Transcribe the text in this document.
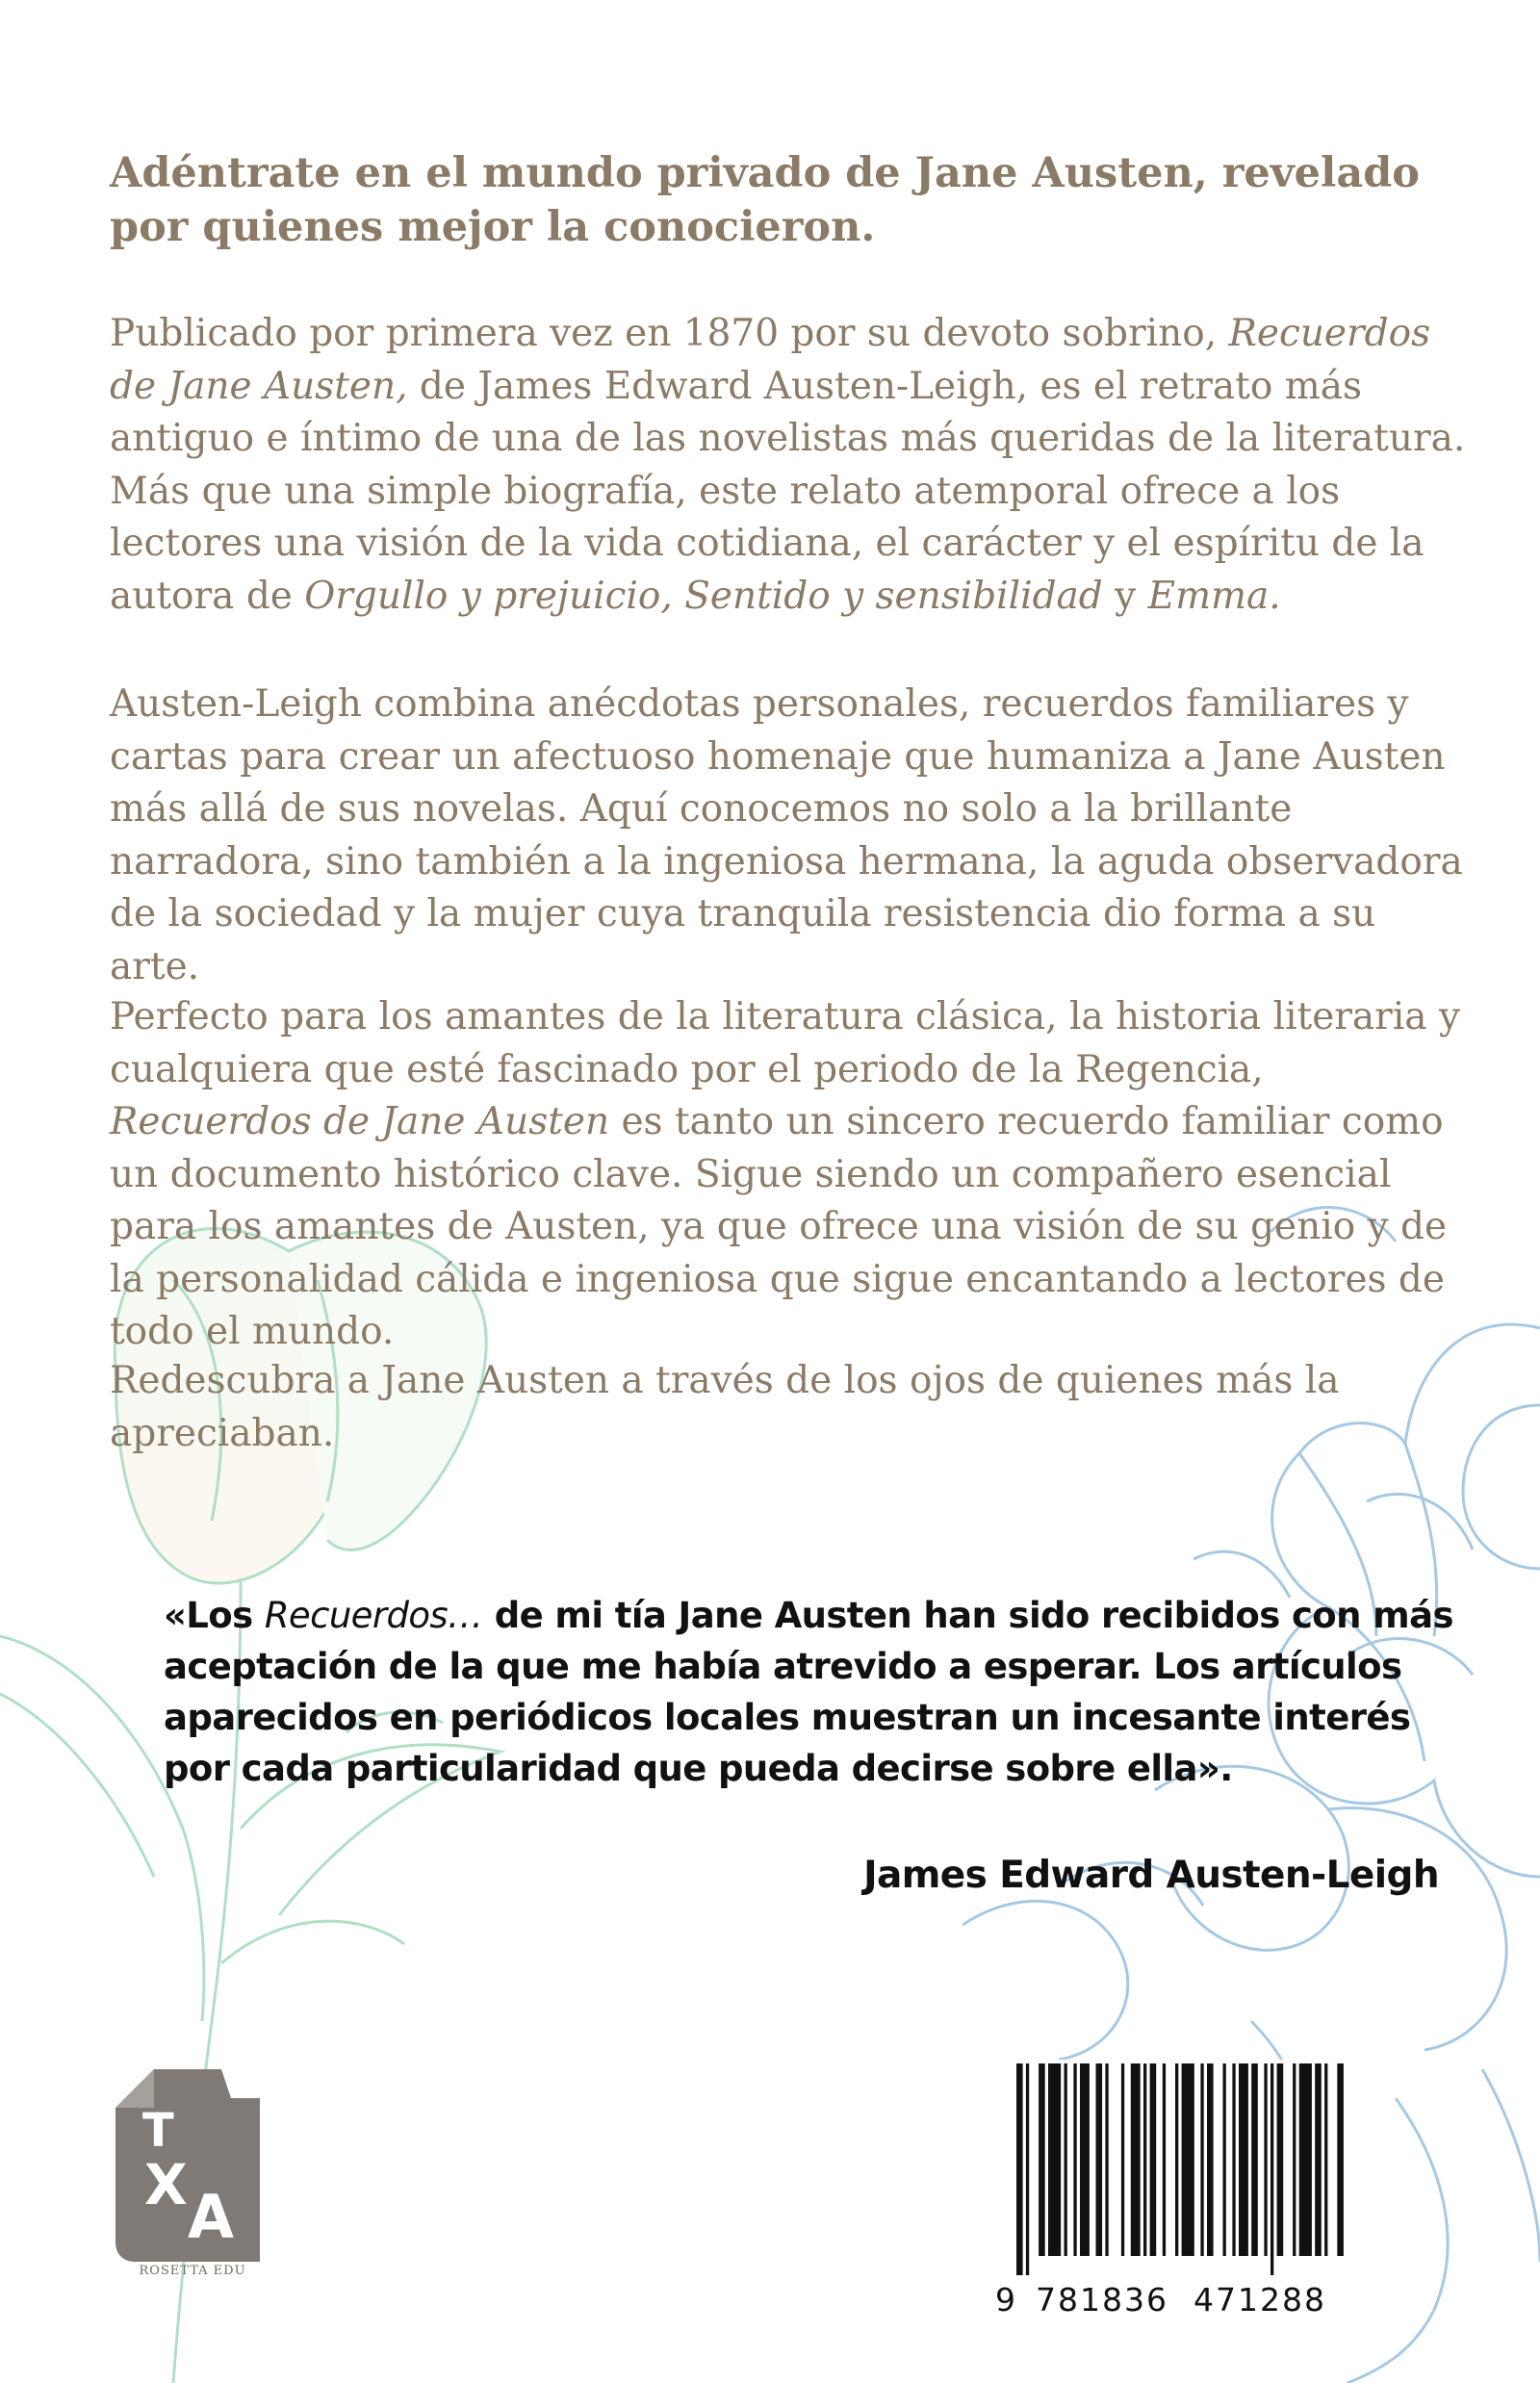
Adéntrate en el mundo privado de Jane Austen, revelado por quienes mejor la conocieron.

Publicado por primera vez en 1870 por su devoto sobrino, Recuerdos de Jane Austen, de James Edward Austen-Leigh, es el retrato más antiguo e íntimo de una de las novelistas más queridas de la literatura. Más que una simple biografía, este relato atemporal ofrece a los lectores una visión de la vida cotidiana, el carácter y el espíritu de la autora de Orgullo y prejuicio, Sentido y sensibilidad y Emma.

Austen-Leigh combina anécdotas personales, recuerdos familiares y cartas para crear un afectuoso homenaje que humaniza a Jane Austen más allá de sus novelas. Aquí conocemos no solo a la brillante narradora, sino también a la ingeniosa hermana, la aguda observadora de la sociedad y la mujer cuya tranquila resistencia dio forma a su arte.

Perfecto para los amantes de la literatura clásica, la historia literaria y cualquiera que esté fascinado por el periodo de la Regencia, Recuerdos de Jane Austen es tanto un sincero recuerdo familiar como un documento histórico clave. Sigue siendo un compañero esencial para los amantes de Austen, ya que ofrece una visión de su genio y de la personalidad cálida e ingeniosa que sigue encantando a lectores de todo el mundo.

Redescubra a Jane Austen a través de los ojos de quienes más la apreciaban.

«Los Recuerdos… de mi tía Jane Austen han sido recibidos con más aceptación de la que me había atrevido a esperar. Los artículos aparecidos en periódicos locales muestran un incesante interés por cada particularidad que pueda decirse sobre ella».

James Edward Austen-Leigh

T
X A
ROSETTA EDU
9 781836 471288
